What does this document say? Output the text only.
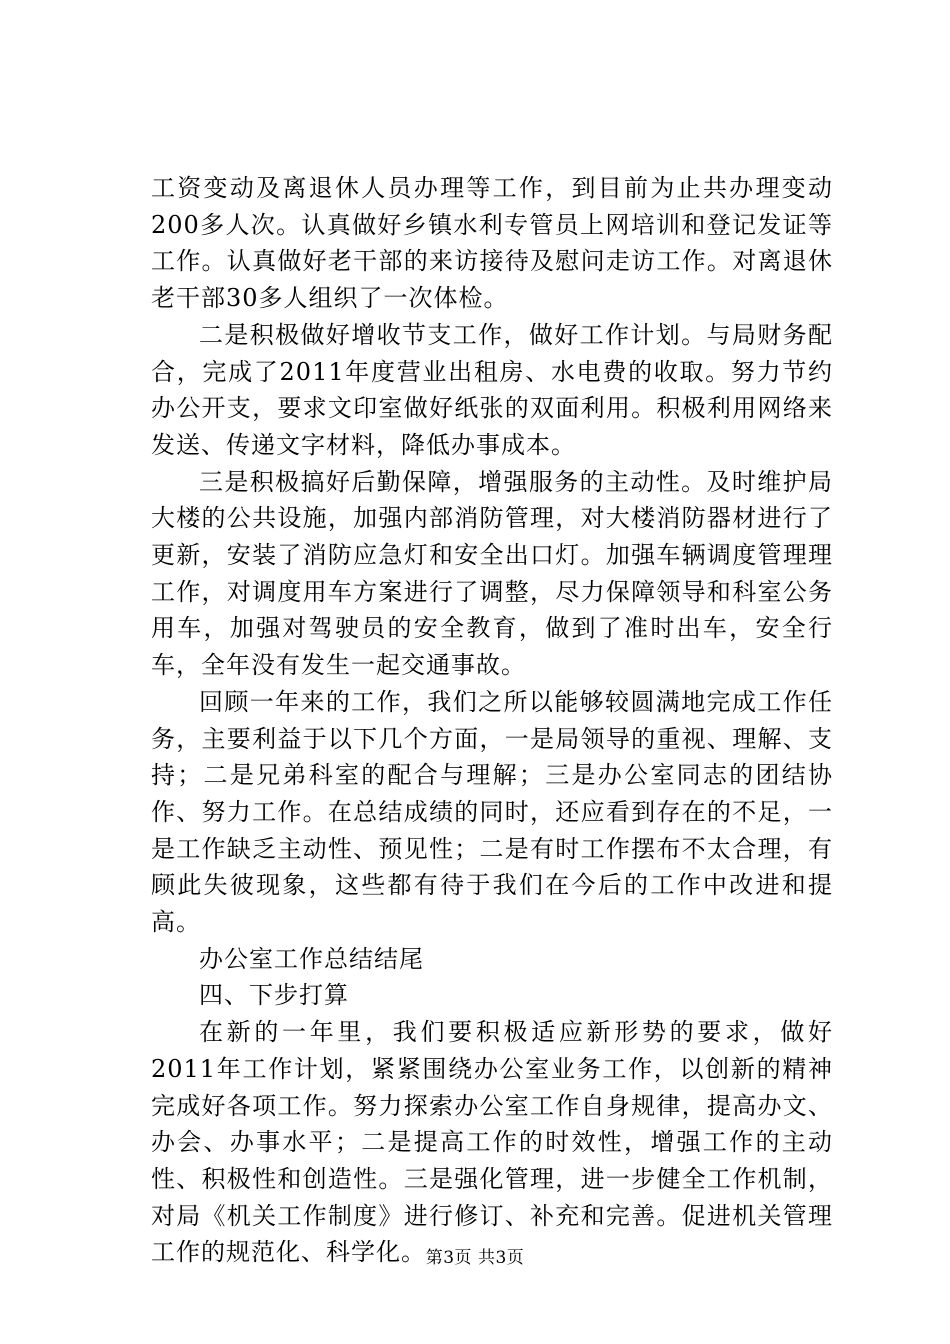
工资变动及离退休人员办理等工作，到目前为止共办理变动200多人次。认真做好乡镇水利专管员上网培训和登记发证等工作。认真做好老干部的来访接待及慰问走访工作。对离退休老干部30多人组织了一次体检。

二是积极做好增收节支工作，做好工作计划。与局财务配合，完成了2011年度营业出租房、水电费的收取。努力节约办公开支，要求文印室做好纸张的双面利用。积极利用网络来发送、传递文字材料，降低办事成本。

三是积极搞好后勤保障，增强服务的主动性。及时维护局大楼的公共设施，加强内部消防管理，对大楼消防器材进行了更新，安装了消防应急灯和安全出口灯。加强车辆调度管理理工作，对调度用车方案进行了调整，尽力保障领导和科室公务用车，加强对驾驶员的安全教育，做到了准时出车，安全行车，全年没有发生一起交通事故。

回顾一年来的工作，我们之所以能够较圆满地完成工作任务，主要利益于以下几个方面，一是局领导的重视、理解、支持；二是兄弟科室的配合与理解；三是办公室同志的团结协作、努力工作。在总结成绩的同时，还应看到存在的不足，一是工作缺乏主动性、预见性；二是有时工作摆布不太合理，有顾此失彼现象，这些都有待于我们在今后的工作中改进和提高。

办公室工作总结结尾

四、下步打算

在新的一年里，我们要积极适应新形势的要求，做好2011年工作计划，紧紧围绕办公室业务工作，以创新的精神完成好各项工作。努力探索办公室工作自身规律，提高办文、办会、办事水平；二是提高工作的时效性，增强工作的主动性、积极性和创造性。三是强化管理，进一步健全工作机制，对局《机关工作制度》进行修订、补充和完善。促进机关管理工作的规范化、科学化。 第3页 共3页
